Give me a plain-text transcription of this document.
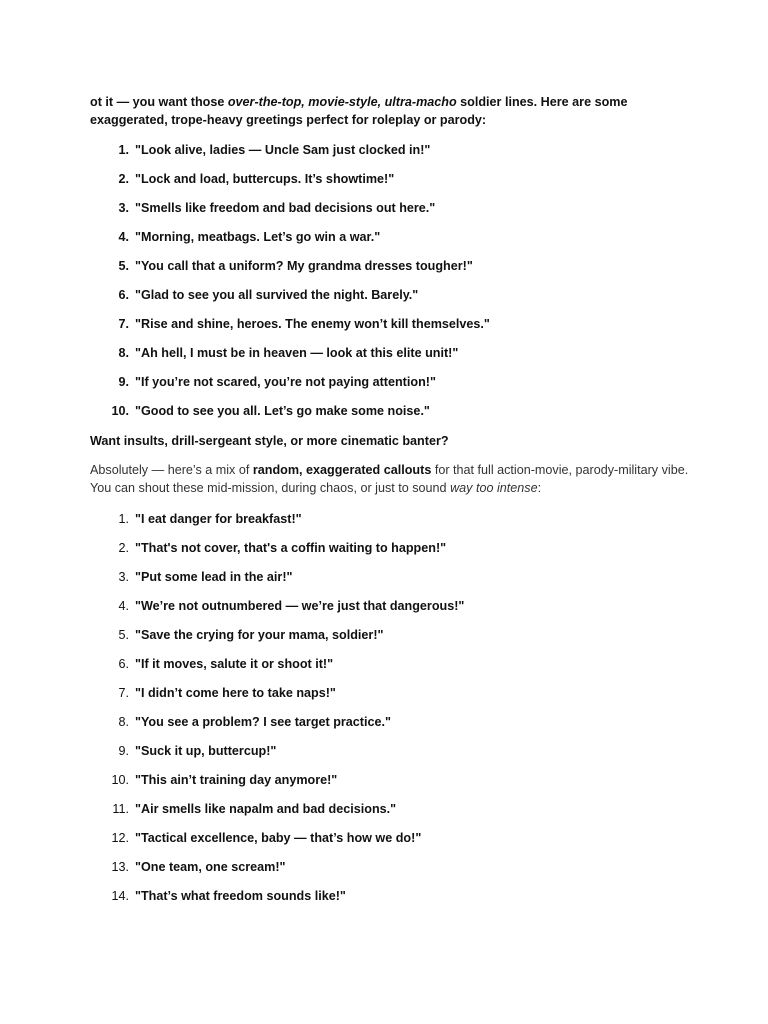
ot it — you want those over-the-top, movie-style, ultra-macho soldier lines. Here are some exaggerated, trope-heavy greetings perfect for roleplay or parody:

1. "Look alive, ladies — Uncle Sam just clocked in!"
2. "Lock and load, buttercups. It’s showtime!"
3. "Smells like freedom and bad decisions out here."
4. "Morning, meatbags. Let’s go win a war."
5. "You call that a uniform? My grandma dresses tougher!"
6. "Glad to see you all survived the night. Barely."
7. "Rise and shine, heroes. The enemy won’t kill themselves."
8. "Ah hell, I must be in heaven — look at this elite unit!"
9. "If you’re not scared, you’re not paying attention!"
10. "Good to see you all. Let’s go make some noise."

Want insults, drill-sergeant style, or more cinematic banter?

Absolutely — here’s a mix of random, exaggerated callouts for that full action-movie, parody-military vibe. You can shout these mid-mission, during chaos, or just to sound way too intense:

1. "I eat danger for breakfast!"
2. "That's not cover, that's a coffin waiting to happen!"
3. "Put some lead in the air!"
4. "We’re not outnumbered — we’re just that dangerous!"
5. "Save the crying for your mama, soldier!"
6. "If it moves, salute it or shoot it!"
7. "I didn’t come here to take naps!"
8. "You see a problem? I see target practice."
9. "Suck it up, buttercup!"
10. "This ain’t training day anymore!"
11. "Air smells like napalm and bad decisions."
12. "Tactical excellence, baby — that’s how we do!"
13. "One team, one scream!"
14. "That’s what freedom sounds like!"
